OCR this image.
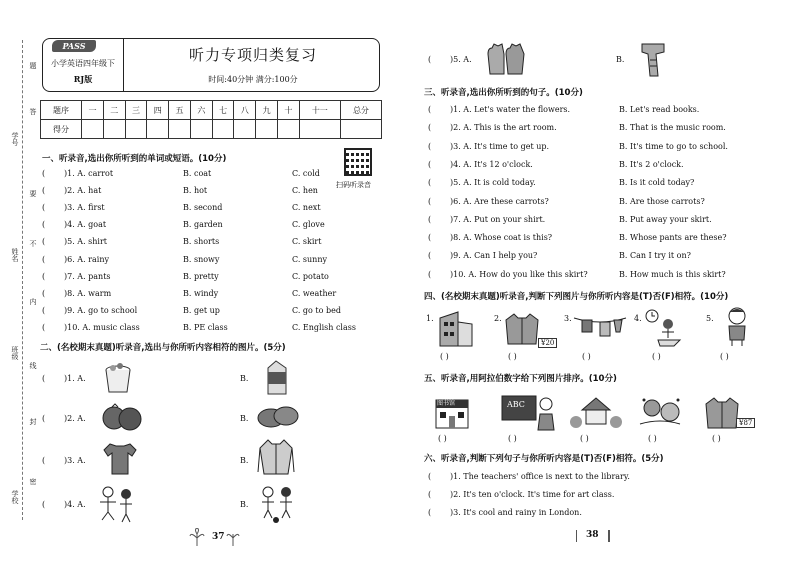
题
答
学号
要
姓名
不
内
班级
线
封
学校
密
PASS
小学英语四年级下
RJ版
听力专项归类复习
时间:40分钟 满分:100分
题序	一	二	三	四	五	六	七	八	九	十	十一	总分
得分												
扫码听录音
一、听录音,选出你所听到的单词或短语。(10分)
( )1. A. carrot	B. coat	C. cold
( )2. A. hat	B. hot	C. hen
( )3. A. first	B. second	C. next
( )4. A. goat	B. garden	C. glove
( )5. A. shirt	B. shorts	C. skirt
( )6. A. rainy	B. snowy	C. sunny
( )7. A. pants	B. pretty	C. potato
( )8. A. warm	B. windy	C. weather
( )9. A. go to school	B. get up	C. go to bed
( )10. A. music class	B. PE class	C. English class
二、(名校期末真题)听录音,选出与你所听内容相符的图片。(5分)
( )1. A.	B.
( )2. A.	B.
( )3. A.	B.
( )4. A.	B.
37
( )5. A.	B.
三、听录音,选出你所听到的句子。(10分)
( )1. A. Let's water the flowers.	B. Let's read books.
( )2. A. This is the art room.	B. That is the music room.
( )3. A. It's time to get up.	B. It's time to go to school.
( )4. A. It's 12 o'clock.	B. It's 2 o'clock.
( )5. A. It is cold today.	B. Is it cold today?
( )6. A. Are these carrots?	B. Are those carrots?
( )7. A. Put on your shirt.	B. Put away your skirt.
( )8. A. Whose coat is this?	B. Whose pants are these?
( )9. A. Can I help you?	B. Can I try it on?
( )10. A. How do you like this skirt?	B. How much is this skirt?
四、(名校期末真题)听录音,判断下列图片与你所听内容是(T)否(F)相符。(10分)
1.	2.	3.	4.	5.
¥20
( )	( )	( )	( )	( )
五、听录音,用阿拉伯数字给下列图片排序。(10分)
图书馆	ABC
¥87
( )	( )	( )	( )	( )
六、听录音,判断下列句子与你所听内容是(T)否(F)相符。(5分)
( )1. The teachers' office is next to the library.
( )2. It's ten o'clock. It's time for art class.
( )3. It's cool and rainy in London.
38
